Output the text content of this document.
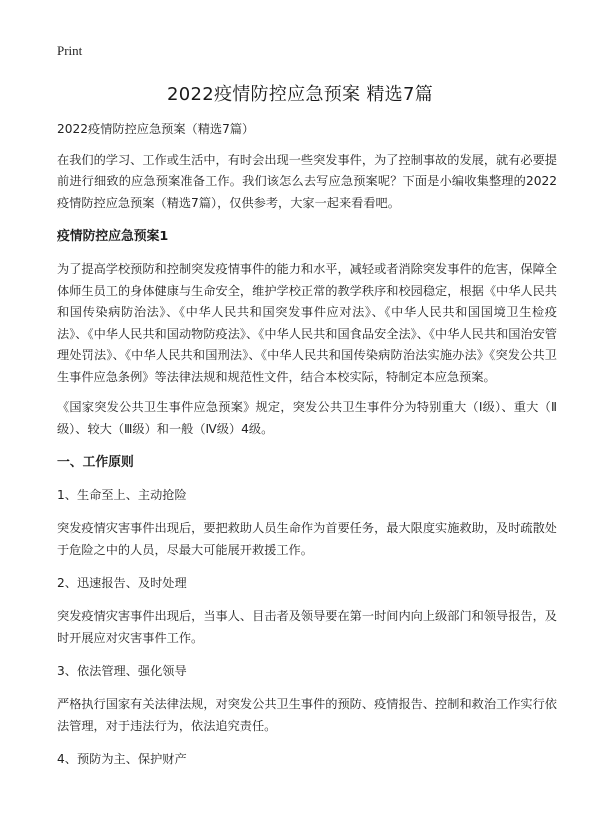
Print
2022疫情防控应急预案 精选7篇

2022疫情防控应急预案（精选7篇）

在我们的学习、工作或生活中，有时会出现一些突发事件，为了控制事故的发展，就有必要提前进行细致的应急预案准备工作。我们该怎么去写应急预案呢？下面是小编收集整理的2022疫情防控应急预案（精选7篇），仅供参考，大家一起来看看吧。

疫情防控应急预案1

为了提高学校预防和控制突发疫情事件的能力和水平，减轻或者消除突发事件的危害，保障全体师生员工的身体健康与生命安全，维护学校正常的教学秩序和校园稳定，根据《中华人民共和国传染病防治法》、《中华人民共和国突发事件应对法》、《中华人民共和国国境卫生检疫法》、《中华人民共和国动物防疫法》、《中华人民共和国食品安全法》、《中华人民共和国治安管理处罚法》、《中华人民共和国刑法》、《中华人民共和国传染病防治法实施办法》《突发公共卫生事件应急条例》等法律法规和规范性文件，结合本校实际，特制定本应急预案。

《国家突发公共卫生事件应急预案》规定，突发公共卫生事件分为特别重大（Ⅰ级）、重大（Ⅱ级）、较大（Ⅲ级）和一般（Ⅳ级）4级。

一、工作原则

1、生命至上、主动抢险

突发疫情灾害事件出现后，要把救助人员生命作为首要任务，最大限度实施救助，及时疏散处于危险之中的人员，尽最大可能展开救援工作。

2、迅速报告、及时处理

突发疫情灾害事件出现后，当事人、目击者及领导要在第一时间内向上级部门和领导报告，及时开展应对灾害事件工作。

3、依法管理、强化领导

严格执行国家有关法律法规，对突发公共卫生事件的预防、疫情报告、控制和救治工作实行依法管理，对于违法行为，依法追究责任。

4、预防为主、保护财产
